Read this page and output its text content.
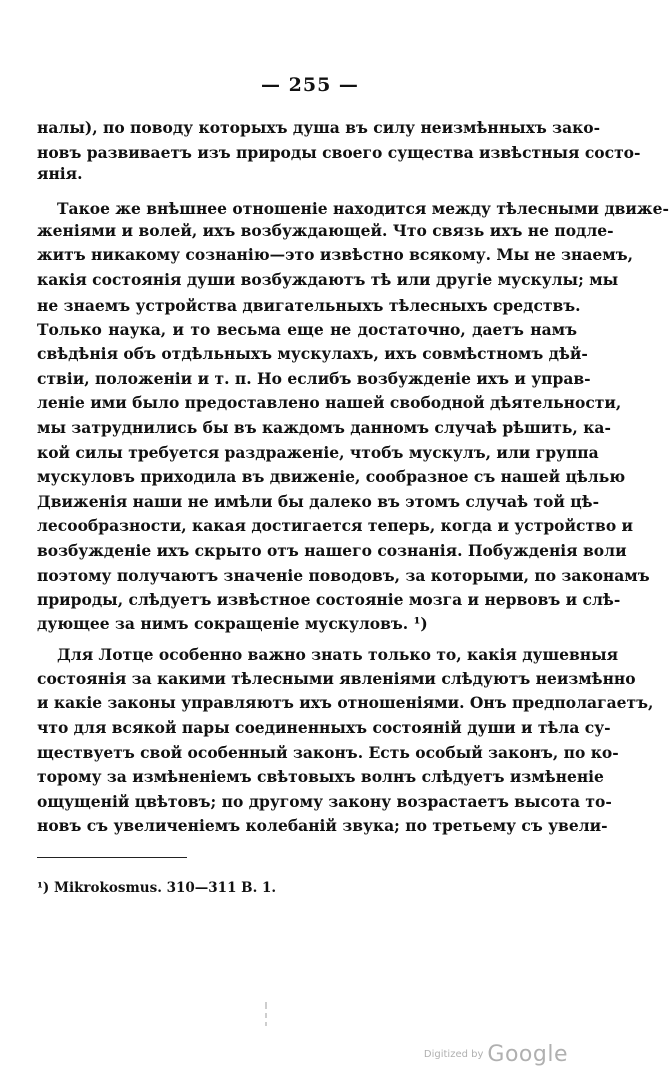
— 255 —
налы), по поводу которыхъ душа въ силу неизмѣнныхъ зако-
новъ развиваетъ изъ природы своего существа извѣстныя состо-
янія.
Такое же внѣшнее отношеніе находится между тѣлесными движе-
женіями и волей, ихъ возбуждающей. Что связь ихъ не подле-
житъ никакому сознанію—это извѣстно всякому. Мы не знаемъ,
какія состоянія души возбуждаютъ тѣ или другіе мускулы; мы
не знаемъ устройства двигательныхъ тѣлесныхъ средствъ.
Только наука, и то весьма еще не достаточно, даетъ намъ
свѣдѣнія объ отдѣльныхъ мускулахъ, ихъ совмѣстномъ дѣй-
ствіи, положеніи и т. п. Но еслибъ возбужденіе ихъ и управ-
леніе ими было предоставлено нашей свободной дѣятельности,
мы затруднились бы въ каждомъ данномъ случаѣ рѣшить, ка-
кой силы требуется раздраженіе, чтобъ мускулъ, или группа
мускуловъ приходила въ движеніе, сообразное съ нашей цѣлью
Движенія наши не имѣли бы далеко въ этомъ случаѣ той цѣ-
лесообразности, какая достигается теперь, когда и устройство и
возбужденіе ихъ скрыто отъ нашего сознанія. Побужденія воли
поэтому получаютъ значеніе поводовъ, за которыми, по законамъ
природы, слѣдуетъ извѣстное состояніе мозга и нервовъ и слѣ-
дующее за нимъ сокращеніе мускуловъ. ¹)
Для Лотце особенно важно знать только то, какія душевныя
состоянія за какими тѣлесными явленіями слѣдуютъ неизмѣнно
и какіе законы управляютъ ихъ отношеніями. Онъ предполагаетъ,
что для всякой пары соединенныхъ состояній души и тѣла су-
ществуетъ свой особенный законъ. Есть особый законъ, по ко-
торому за измѣненіемъ свѣтовыхъ волнъ слѣдуетъ измѣненіе
ощущеній цвѣтовъ; по другому закону возрастаетъ высота то-
новъ съ увеличеніемъ колебаній звука; по третьему съ увели-
¹) Mikrokosmus. 310—311 B. 1.
Digitized by Google
